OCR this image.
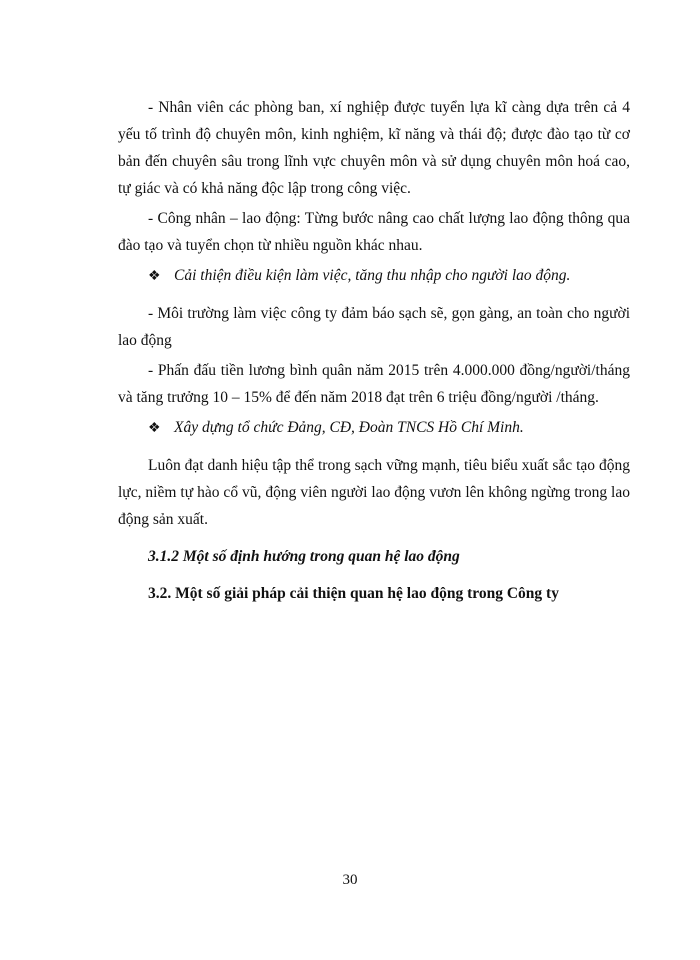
- Nhân viên các phòng ban, xí nghiệp được tuyển lựa kĩ càng dựa trên cả 4 yếu tố trình độ chuyên môn, kinh nghiệm, kĩ năng và thái độ; được đào tạo từ cơ bản đến chuyên sâu trong lĩnh vực chuyên môn và sử dụng chuyên môn hoá cao, tự giác và có khả năng độc lập trong công việc.

- Công nhân – lao động: Từng bước nâng cao chất lượng lao động thông qua đào tạo và tuyển chọn từ nhiều nguồn khác nhau.

❖ Cải thiện điều kiện làm việc, tăng thu nhập cho người lao động.

- Môi trường làm việc công ty đảm báo sạch sẽ, gọn gàng, an toàn cho người lao động

- Phấn đấu tiền lương bình quân năm 2015 trên 4.000.000 đồng/người/tháng và tăng trưởng 10 – 15% để đến năm 2018 đạt trên 6 triệu đồng/người /tháng.

❖ Xây dựng tổ chức Đảng, CĐ, Đoàn TNCS Hồ Chí Minh.

Luôn đạt danh hiệu tập thể trong sạch vững mạnh, tiêu biểu xuất sắc tạo động lực, niềm tự hào cổ vũ, động viên người lao động vươn lên không ngừng trong lao động sản xuất.

3.1.2 Một số định hướng trong quan hệ lao động
3.2. Một số giải pháp cải thiện quan hệ lao động trong Công ty
30
